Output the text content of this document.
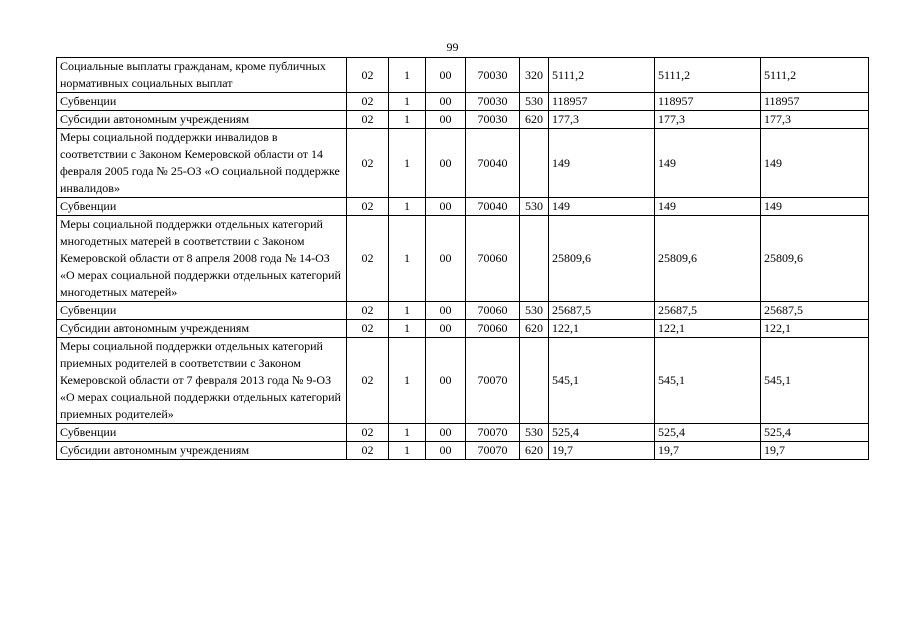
99
Социальные выплаты гражданам, кроме публичных нормативных социальных выплат	02	1	00	70030	320	5111,2	5111,2	5111,2
Субвенции	02	1	00	70030	530	118957	118957	118957
Субсидии автономным учреждениям	02	1	00	70030	620	177,3	177,3	177,3
Меры социальной поддержки инвалидов в соответствии с Законом Кемеровской области от 14 февраля 2005 года № 25-ОЗ «О социальной поддержке инвалидов»	02	1	00	70040		149	149	149
Субвенции	02	1	00	70040	530	149	149	149
Меры социальной поддержки отдельных категорий многодетных матерей в соответствии с Законом Кемеровской области от 8 апреля 2008 года № 14-ОЗ «О мерах социальной поддержки отдельных категорий многодетных матерей»	02	1	00	70060		25809,6	25809,6	25809,6
Субвенции	02	1	00	70060	530	25687,5	25687,5	25687,5
Субсидии автономным учреждениям	02	1	00	70060	620	122,1	122,1	122,1
Меры социальной поддержки отдельных категорий приемных родителей в соответствии с Законом Кемеровской области от 7 февраля 2013 года № 9-ОЗ «О мерах социальной поддержки отдельных категорий приемных родителей»	02	1	00	70070		545,1	545,1	545,1
Субвенции	02	1	00	70070	530	525,4	525,4	525,4
Субсидии автономным учреждениям	02	1	00	70070	620	19,7	19,7	19,7
